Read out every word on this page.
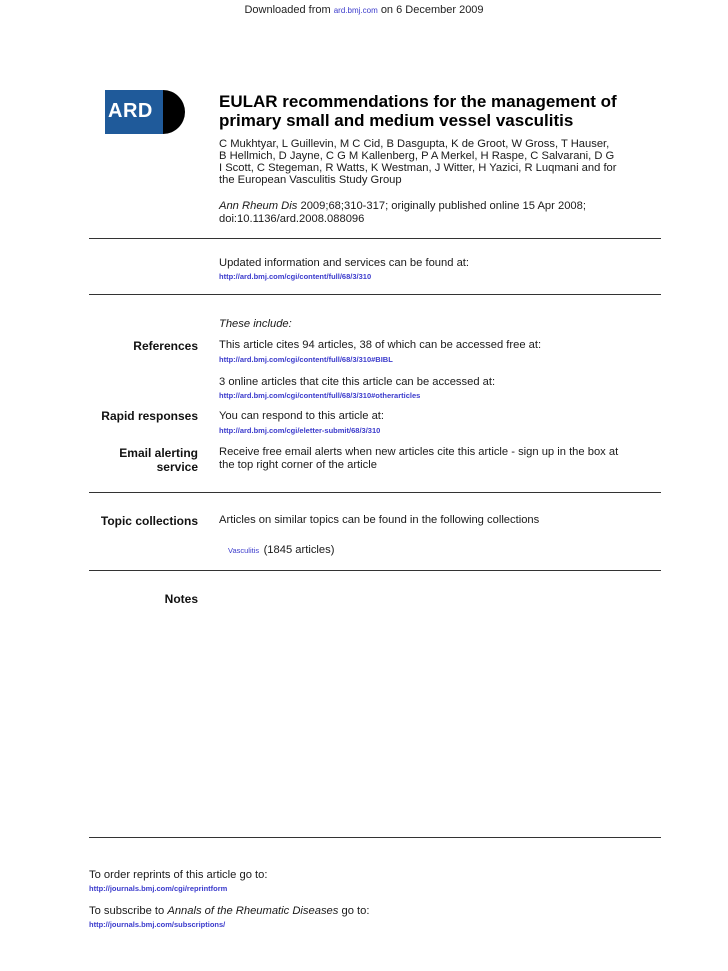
Downloaded from ard.bmj.com on 6 December 2009
ARD	EULAR recommendations for the management of
primary small and medium vessel vasculitis
C Mukhtyar, L Guillevin, M C Cid, B Dasgupta, K de Groot, W Gross, T Hauser,
B Hellmich, D Jayne, C G M Kallenberg, P A Merkel, H Raspe, C Salvarani, D G
I Scott, C Stegeman, R Watts, K Westman, J Witter, H Yazici, R Luqmani and for
the European Vasculitis Study Group
Ann Rheum Dis 2009;68;310-317; originally published online 15 Apr 2008;
doi:10.1136/ard.2008.088096
Updated information and services can be found at:
http://ard.bmj.com/cgi/content/full/68/3/310
These include:
References This article cites 94 articles, 38 of which can be accessed free at:
http://ard.bmj.com/cgi/content/full/68/3/310#BIBL
3 online articles that cite this article can be accessed at:
http://ard.bmj.com/cgi/content/full/68/3/310#otherarticles
Rapid responses You can respond to this article at:
http://ard.bmj.com/cgi/eletter-submit/68/3/310
Email alerting
service
Receive free email alerts when new articles cite this article - sign up in the box at
the top right corner of the article
Topic collections Articles on similar topics can be found in the following collections
Vasculitis (1845 articles)
Notes
To order reprints of this article go to:
http://journals.bmj.com/cgi/reprintform
To subscribe to Annals of the Rheumatic Diseases go to:
http://journals.bmj.com/subscriptions/
